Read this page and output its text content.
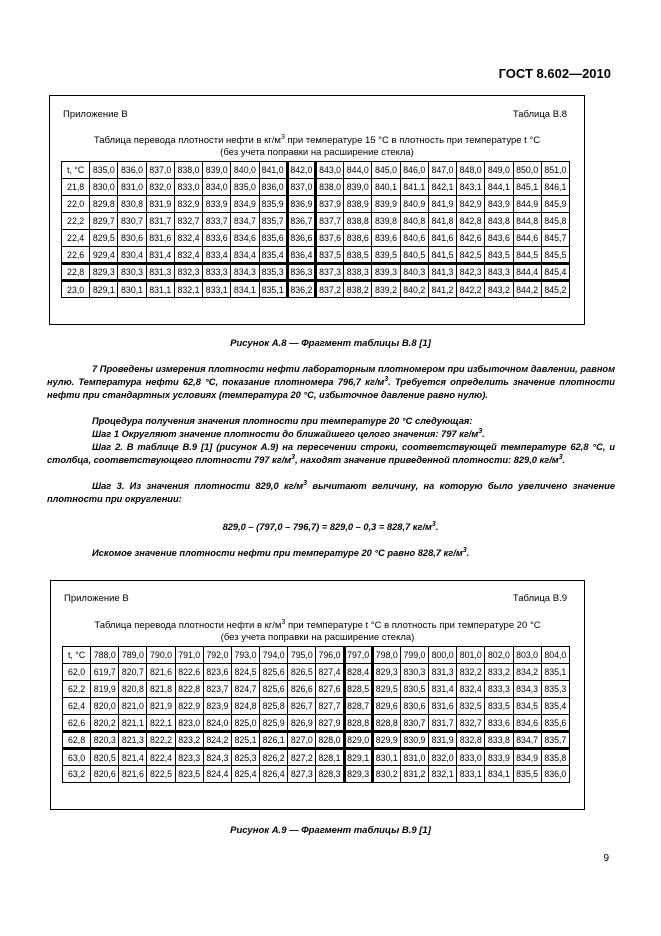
ГОСТ 8.602—2010
Приложение В	Таблица В.8
Таблица перевода плотности нефти в $кг/м^3$ при температуре 15 °С в плотность при температуре t °С
(без учета поправки на расширение стекла)
t, °С	835,0	836,0	837,0	838,0	839,0	840,0	841,0	842,0	843,0	844,0	845,0	846,0	847,0	848,0	849,0	850,0	851,0
21,8	830,0	831,0	832,0	833,0	834,0	835,0	836,0	837,0	838,0	839,0	840,1	841,1	842,1	843,1	844,1	845,1	846,1
22,0	829,8	830,8	831,9	832,9	833,9	834,9	835,9	836,9	837,9	838,9	839,9	840,9	841,9	842,9	843,9	844,9	845,9
22,2	829,7	830,7	831,7	832,7	833,7	834,7	835,7	836,7	837,7	838,8	839,8	840,8	841,8	842,8	843,8	844,8	845,8
22,4	829,5	830,6	831,6	832,4	833,6	834,6	835,6	836,6	837,6	838,6	839,6	840,6	841,6	842,6	843,6	844,6	845,7
22,6	929,4	830,4	831,4	832,4	833,4	834,4	835,4	836,4	837,5	838,5	839,5	840,5	841,5	842,5	843,5	844,5	845,5
22,8	829,3	830,3	831,3	832,3	833,3	834,3	835,3	836,3	837,3	838,3	839,3	840,3	841,3	842,3	843,3	844,4	845,4
23,0	829,1	830,1	831,1	832,1	833,1	834,1	835,1	836,2	837,2	838,2	839,2	840,2	841,2	842,2	843,2	844,2	845,2
Рисунок А.8 — Фрагмент таблицы В.8 [1]
7 Проведены измерения плотности нефти лабораторным плотномером при избыточном давлении, равном нулю. Температура нефти 62,8 °С, показание плотномера 796,7 $кг/м^3$. Требуется определить значение плотности нефти при стандартных условиях (температура 20 °С, избыточное давление равно нулю).
Процедура получения значения плотности при температуре 20 °С следующая:
Шаг 1 Округляют значение плотности до ближайшего целого значения: 797 $кг/м^3$.
Шаг 2. В таблице В.9 [1] (рисунок А.9) на пересечении строки, соответствующей температуре 62,8 °С, и столбца, соответствующего плотности 797 $кг/м^3$, находят значение приведенной плотности: 829,0 $кг/м^3$.
Шаг 3. Из значения плотности 829,0 $кг/м^3$ вычитают величину, на которую было увеличено значение плотности при округлении:
829,0 – (797,0 – 796,7) = 829,0 – 0,3 = 828,7 $кг/м^3$.
Искомое значение плотности нефти при температуре 20 °С равно 828,7 $кг/м^3$.
Приложение В	Таблица В.9
Таблица перевода плотности нефти в $кг/м^3$ при температуре t °С в плотность при температуре 20 °С
(без учета поправки на расширение стекла)
t, °С	788,0	789,0	790,0	791,0	792,0	793,0	794,0	795,0	796,0	797,0	798,0	799,0	800,0	801,0	802,0	803,0	804,0
62,0	619,7	820,7	821,6	822,6	823,6	824,5	825,6	826,5	827,4	828,4	829,3	830,3	831,3	832,2	833,2	834,2	835,1
62,2	819,9	820,8	821,8	822,8	823,7	824,7	825,6	826,6	827,6	828,5	829,5	830,5	831,4	832,4	833,3	834,3	835,3
62,4	820,0	821,0	821,9	822,9	823,9	824,8	825,8	826,7	827,7	828,7	829,6	830,6	831,6	832,5	833,5	834,5	835,4
62,6	820,2	821,1	822,1	823,0	824,0	825,0	825,9	826,9	827,9	828,8	828,8	830,7	831,7	832,7	833,6	834,6	835,6
62,8	820,3	821,3	822,2	823,2	824,2	825,1	826,1	827,0	828,0	829,0	829,9	830,9	831,9	832,8	833,8	834,7	835,7
63,0	820,5	821,4	822,4	823,3	824,3	825,3	826,2	827,2	828,1	829,1	830,1	831,0	832,0	833,0	833,9	834,9	835,8
63,2	820,6	821,6	822,5	823,5	824,4	825,4	826,4	827,3	828,3	829,3	830,2	831,2	832,1	833,1	834,1	835,5	836,0
Рисунок А.9 — Фрагмент таблицы В.9 [1]
9
